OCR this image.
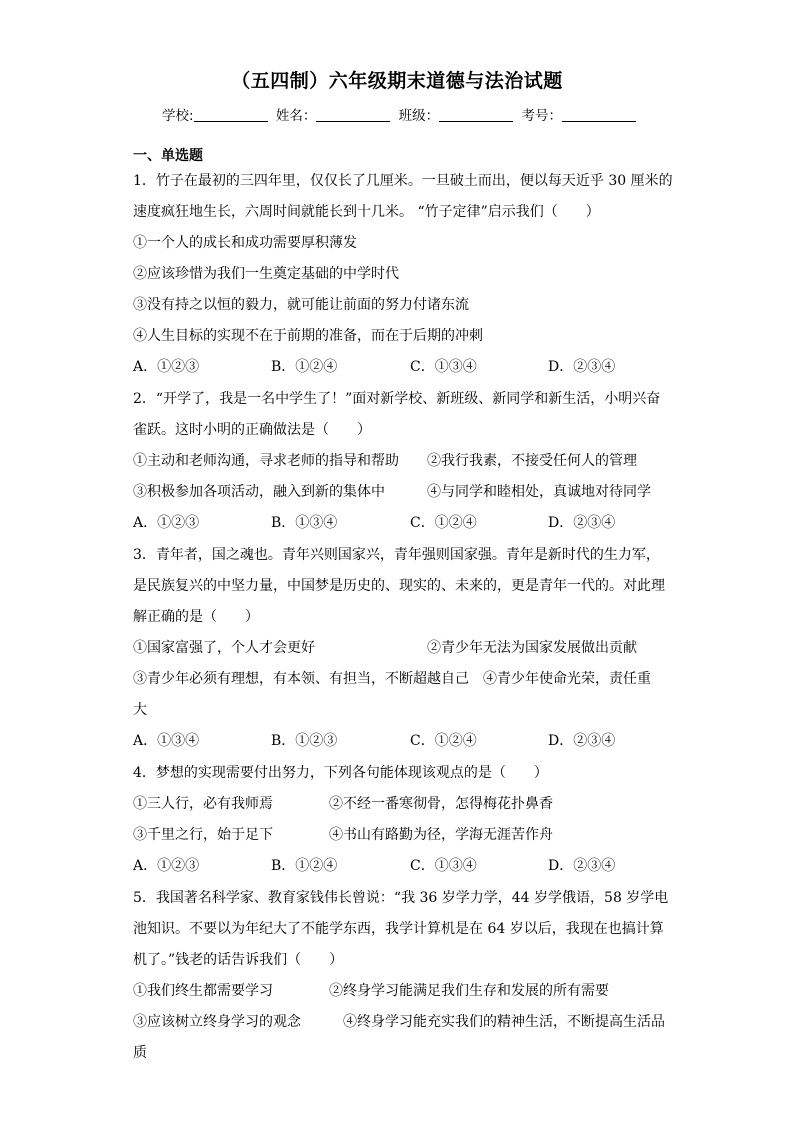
（五四制）六年级期末道德与法治试题
学校:	姓名：	班级：	考号：
一、单选题
1．竹子在最初的三四年里，仅仅长了几厘米。一旦破土而出，便以每天近乎 30 厘米的
速度疯狂地生长，六周时间就能长到十几米。 “竹子定律”启示我们（　　）
①一个人的成长和成功需要厚积薄发
②应该珍惜为我们一生奠定基础的中学时代
③没有持之以恒的毅力，就可能让前面的努力付诸东流
④人生目标的实现不在于前期的准备，而在于后期的冲刺
A．①②③	B．①②④	C．①③④	D．②③④
2．“开学了，我是一名中学生了！”面对新学校、新班级、新同学和新生活，小明兴奋
雀跃。这时小明的正确做法是（　　）
①主动和老师沟通，寻求老师的指导和帮助　　②我行我素，不接受任何人的管理
③积极参加各项活动，融入到新的集体中　　　④与同学和睦相处，真诚地对待同学
A．①②③	B．①③④	C．①②④	D．②③④
3．青年者，国之魂也。青年兴则国家兴，青年强则国家强。青年是新时代的生力军，
是民族复兴的中坚力量，中国梦是历史的、现实的、未来的，更是青年一代的。对此理
解正确的是（　　）
①国家富强了，个人才会更好　　　　　　　　②青少年无法为国家发展做出贡献
③青少年必须有理想，有本领、有担当，不断超越自己　④青少年使命光荣，责任重
大
A．①③④	B．①②③	C．①②④	D．②③④
4．梦想的实现需要付出努力，下列各句能体现该观点的是（　　）
①三人行，必有我师焉　　　　②不经一番寒彻骨，怎得梅花扑鼻香
③千里之行，始于足下　　　　④书山有路勤为径，学海无涯苦作舟
A．①②③	B．①②④	C．①③④	D．②③④
5．我国著名科学家、教育家钱伟长曾说：“我 36 岁学力学，44 岁学俄语，58 岁学电
池知识。不要以为年纪大了不能学东西，我学计算机是在 64 岁以后，我现在也搞计算
机了。”钱老的话告诉我们（　　）
①我们终生都需要学习　　　　②终身学习能满足我们生存和发展的所有需要
③应该树立终身学习的观念　　　④终身学习能充实我们的精神生活，不断提高生活品
质
